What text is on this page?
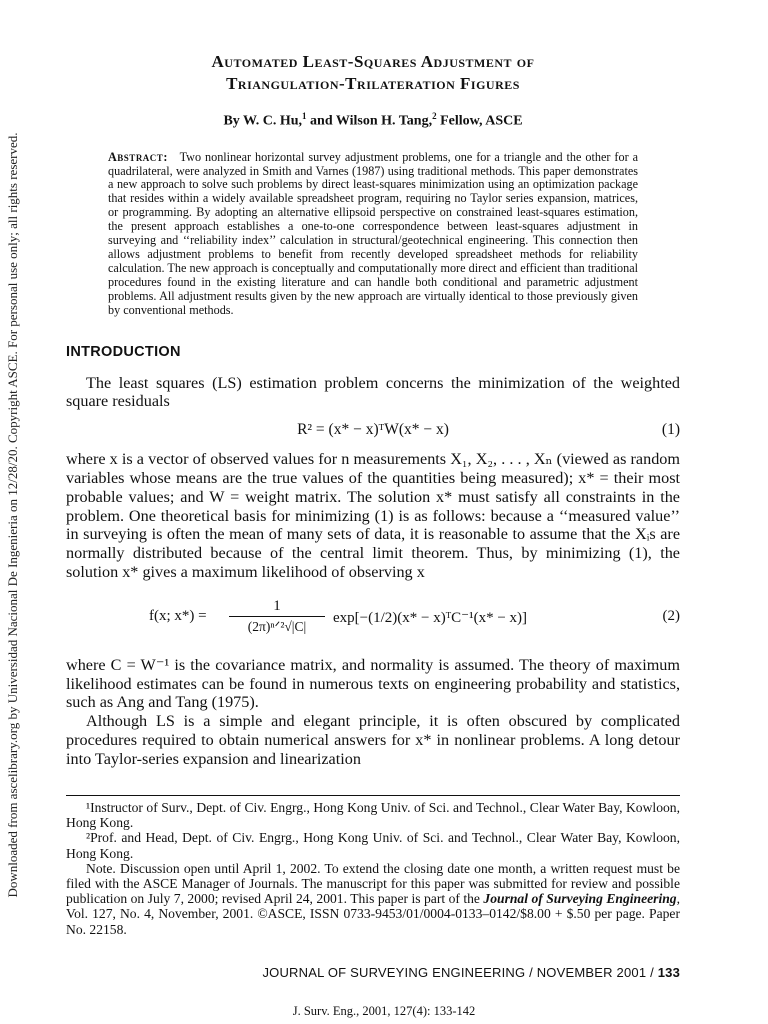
Downloaded from ascelibrary.org by Universidad Nacional De Ingenieria on 12/28/20. Copyright ASCE. For personal use only; all rights reserved.
Automated Least-Squares Adjustment of
Triangulation-Trilateration Figures
By W. C. Hu,$^1$ and Wilson H. Tang,$^2$ Fellow, ASCE
Abstract: Two nonlinear horizontal survey adjustment problems, one for a triangle and the other for a quadrilateral, were analyzed in Smith and Varnes (1987) using traditional methods. This paper demonstrates a new approach to solve such problems by direct least-squares minimization using an optimization package that resides within a widely available spreadsheet program, requiring no Taylor series expansion, matrices, or programming. By adopting an alternative ellipsoid perspective on constrained least-squares estimation, the present approach establishes a one-to-one correspondence between least-squares adjustment in surveying and ‘‘reliability index’’ calculation in structural/geotechnical engineering. This connection then allows adjustment problems to benefit from recently developed spreadsheet methods for reliability calculation. The new approach is conceptually and computationally more direct and efficient than traditional procedures found in the existing literature and can handle both conditional and parametric adjustment problems. All adjustment results given by the new approach are virtually identical to those previously given by conventional methods.
INTRODUCTION

The least squares (LS) estimation problem concerns the minimization of the weighted square residuals

R² = (x* − x)ᵀW(x* − x)	(1)

where x is a vector of observed values for n measurements X₁, X₂, . . . , Xₙ (viewed as random variables whose means are the true values of the quantities being measured); x* = their most probable values; and W = weight matrix. The solution x* must satisfy all constraints in the problem. One theoretical basis for minimizing (1) is as follows: because a ‘‘measured value’’ in surveying is often the mean of many sets of data, it is reasonable to assume that the Xᵢs are normally distributed because of the central limit theorem. Thus, by minimizing (1), the solution x* gives a maximum likelihood of observing x

f(x; x*) =
1
(2π)ⁿᐟ²√|C|
exp[−(1/2)(x* − x)ᵀC⁻¹(x* − x)]	(2)

where C = W⁻¹ is the covariance matrix, and normality is assumed. The theory of maximum likelihood estimates can be found in numerous texts on engineering probability and statistics, such as Ang and Tang (1975).

Although LS is a simple and elegant principle, it is often obscured by complicated procedures required to obtain numerical answers for x* in nonlinear problems. A long detour into Taylor-series expansion and linearization

¹Instructor of Surv., Dept. of Civ. Engrg., Hong Kong Univ. of Sci. and Technol., Clear Water Bay, Kowloon, Hong Kong.

²Prof. and Head, Dept. of Civ. Engrg., Hong Kong Univ. of Sci. and Technol., Clear Water Bay, Kowloon, Hong Kong.

Note. Discussion open until April 1, 2002. To extend the closing date one month, a written request must be filed with the ASCE Manager of Journals. The manuscript for this paper was submitted for review and possible publication on July 7, 2000; revised April 24, 2001. This paper is part of the Journal of Surveying Engineering, Vol. 127, No. 4, November, 2001. ©ASCE, ISSN 0733-9453/01/0004-0133–0142/$8.00 + $.50 per page. Paper No. 22158.

JOURNAL OF SURVEYING ENGINEERING / NOVEMBER 2001 / 133
J. Surv. Eng., 2001, 127(4): 133-142
